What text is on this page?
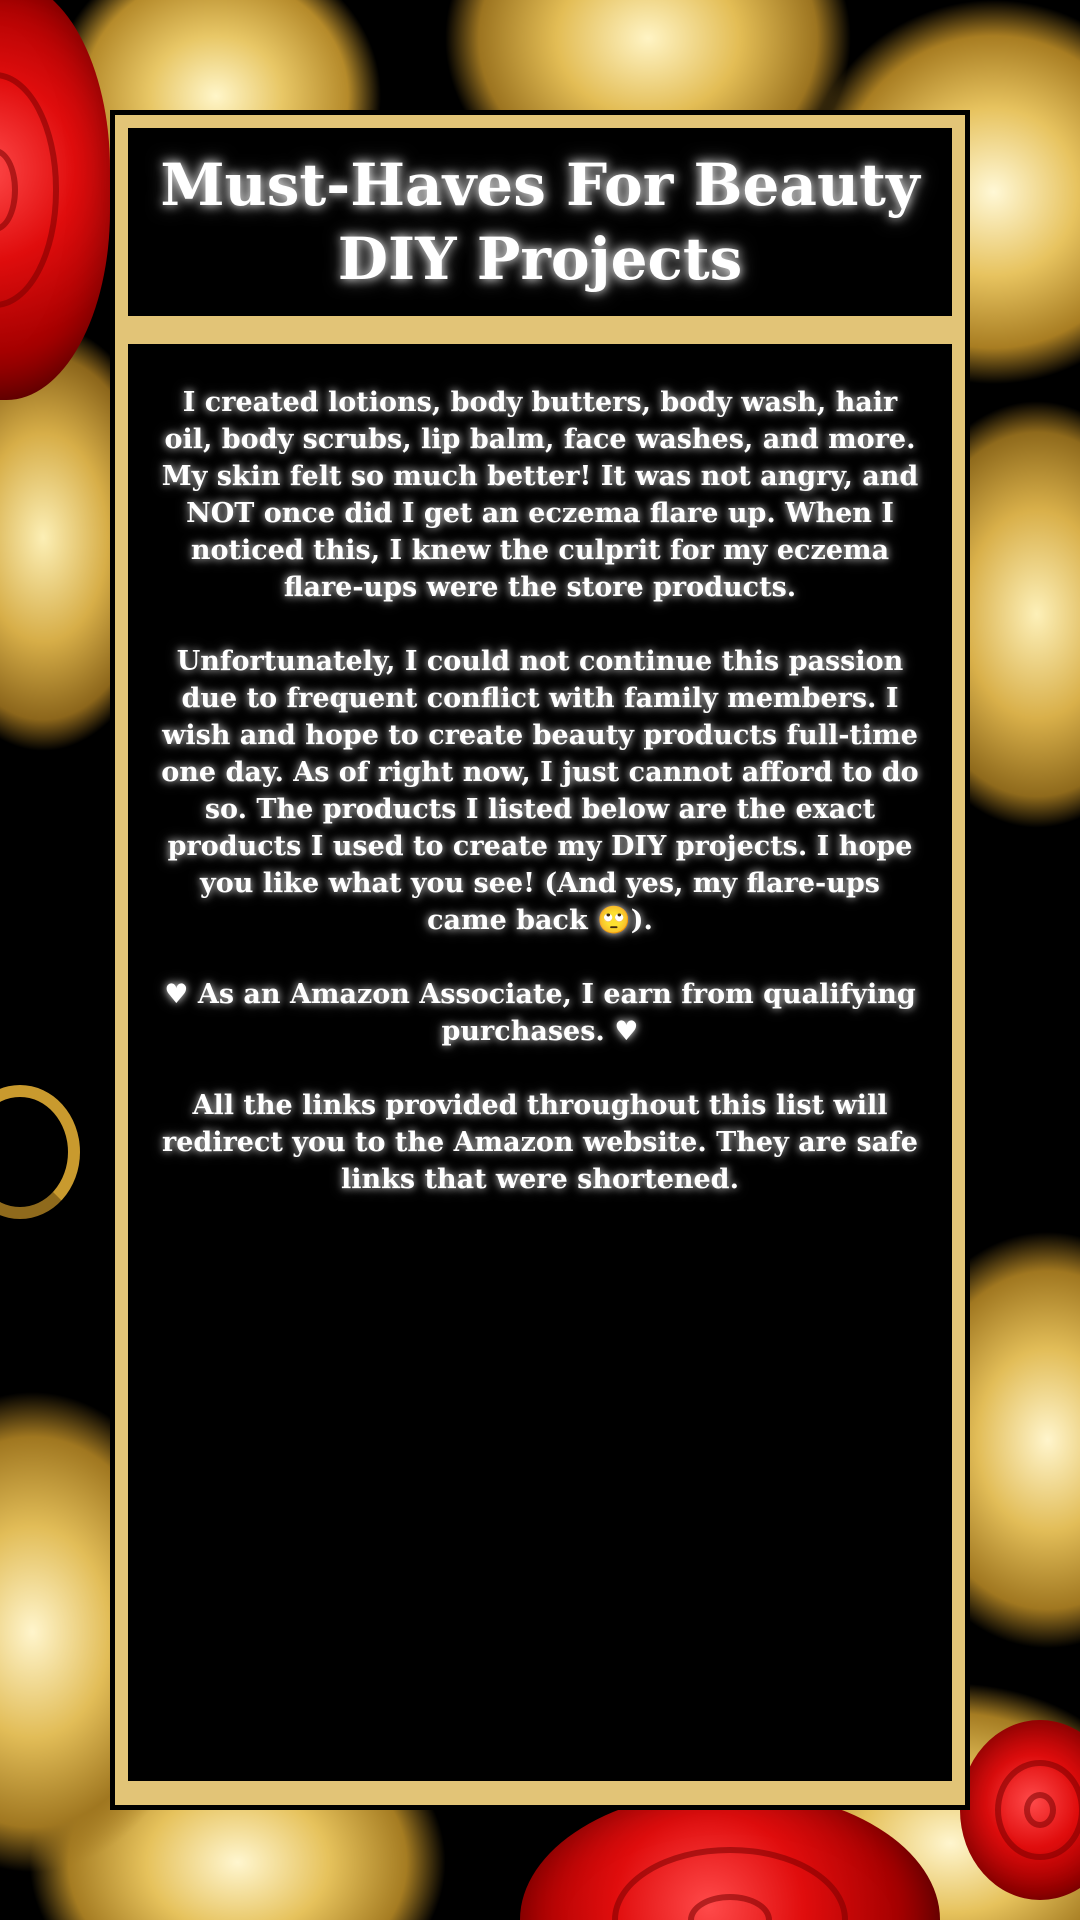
Must-Haves For Beauty DIY Projects

I created lotions, body butters, body wash, hair oil, body scrubs, lip balm, face washes, and more. My skin felt so much better! It was not angry, and NOT once did I get an eczema flare up. When I noticed this, I knew the culprit for my eczema flare-ups were the store products.

Unfortunately, I could not continue this passion due to frequent conflict with family members. I wish and hope to create beauty products full-time one day. As of right now, I just cannot afford to do so. The products I listed below are the exact products I used to create my DIY projects. I hope you like what you see! (And yes, my flare-ups came back 🙄).

♥ As an Amazon Associate, I earn from qualifying purchases. ♥

All the links provided throughout this list will redirect you to the Amazon website. They are safe links that were shortened.
